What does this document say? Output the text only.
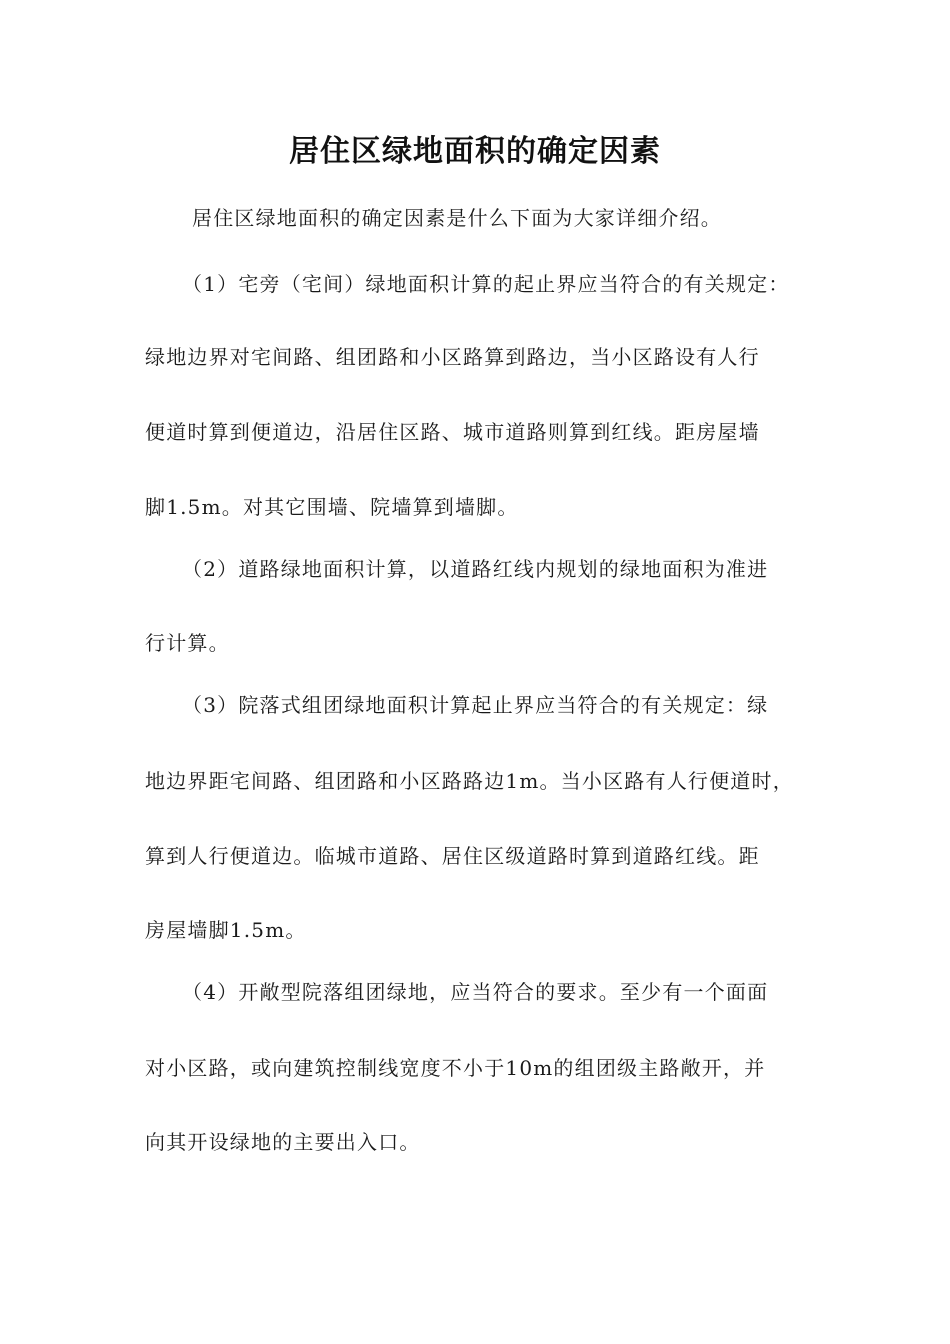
居住区绿地面积的确定因素

居住区绿地面积的确定因素是什么下面为大家详细介绍。

（1）宅旁（宅间）绿地面积计算的起止界应当符合的有关规定：

绿地边界对宅间路、组团路和小区路算到路边，当小区路设有人行

便道时算到便道边，沿居住区路、城市道路则算到红线。距房屋墙

脚1.5m。对其它围墙、院墙算到墙脚。

（2）道路绿地面积计算，以道路红线内规划的绿地面积为准进

行计算。

（3）院落式组团绿地面积计算起止界应当符合的有关规定：绿

地边界距宅间路、组团路和小区路路边1m。当小区路有人行便道时，

算到人行便道边。临城市道路、居住区级道路时算到道路红线。距

房屋墙脚1.5m。

（4）开敞型院落组团绿地，应当符合的要求。至少有一个面面

对小区路，或向建筑控制线宽度不小于10m的组团级主路敞开，并

向其开设绿地的主要出入口。
